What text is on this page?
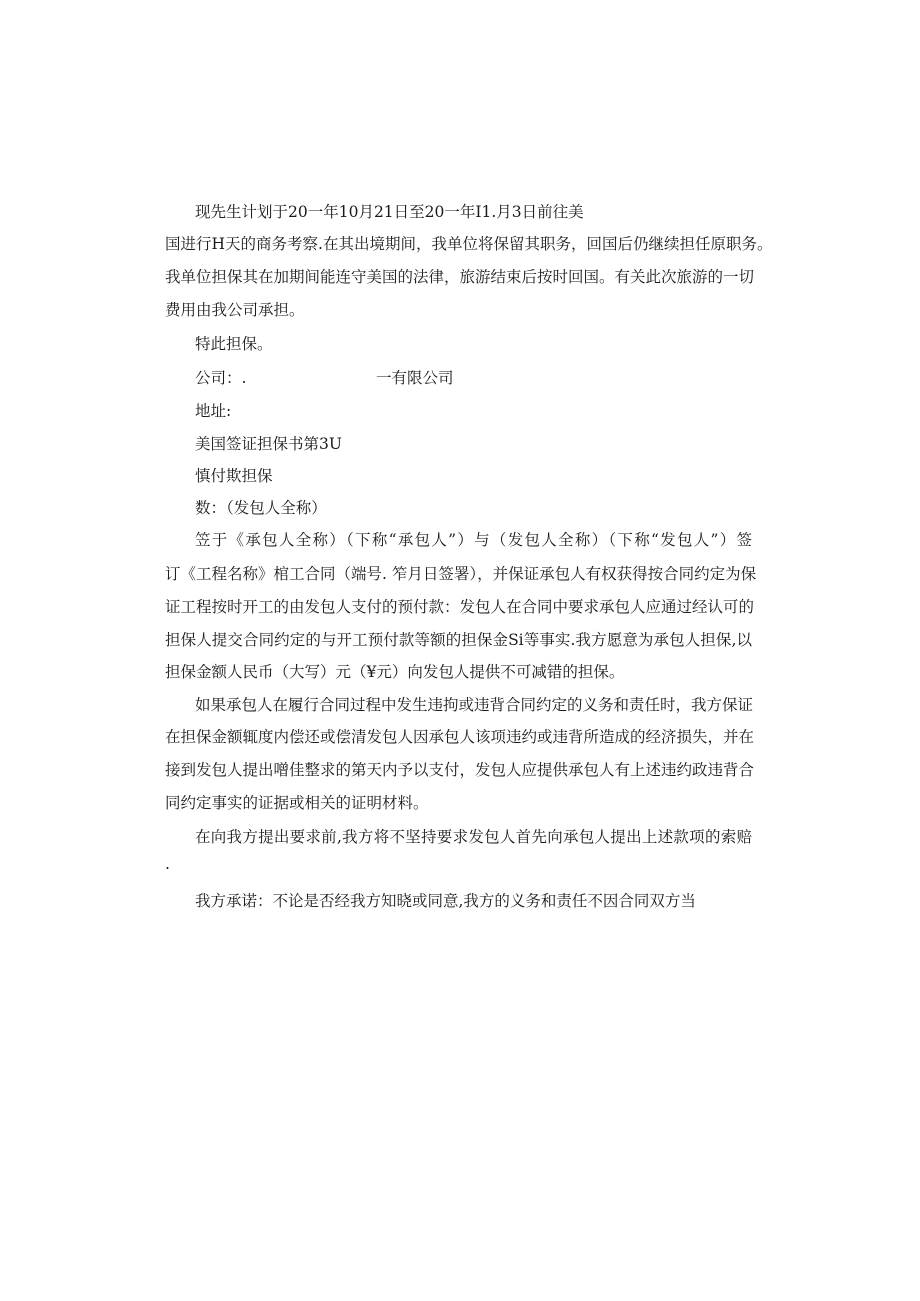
现先生计划于20一年10月21日至20一年I1.月3日前往美
国进行H天的商务考察.在其出境期间，我单位将保留其职务，回国后仍继续担任原职务。
我单位担保其在加期间能连守美国的法律，旅游结束后按时回国。有关此次旅游的一切
费用由我公司承担。
特此担保。
公司：.	一有限公司
地址:
美国签证担保书第3U
慎付欺担保
数：（发包人全称）
笠于《承包人全称）（下称“承包人”）与（发包人全称）（下称“发包人”）签
订《工程名称》棺工合同（端号. 笮月日签署），并保证承包人有权获得按合同约定为保
证工程按时开工的由发包人支付的预付款：发包人在合同中要求承包人应通过经认可的
担保人提交合同约定的与开工预付款等额的担保金Si等事实.我方愿意为承包人担保,以
担保金额人民币（大写）元（¥元）向发包人提供不可减错的担保。
如果承包人在履行合同过程中发生违拘或违背合同约定的义务和责任时，我方保证
在担保金额辄度内偿还或偿清发包人因承包人该项违约或违背所造成的经济损失，并在
接到发包人提出噌佳整求的第天内予以支付，发包人应提供承包人有上述违约政违背合
同约定事实的证据或相关的证明材料。
在向我方提出要求前,我方将不坚持要求发包人首先向承包人提出上述款项的索赔
.
我方承诺：不论是否经我方知晓或同意,我方的义务和责任不因合同双方当
